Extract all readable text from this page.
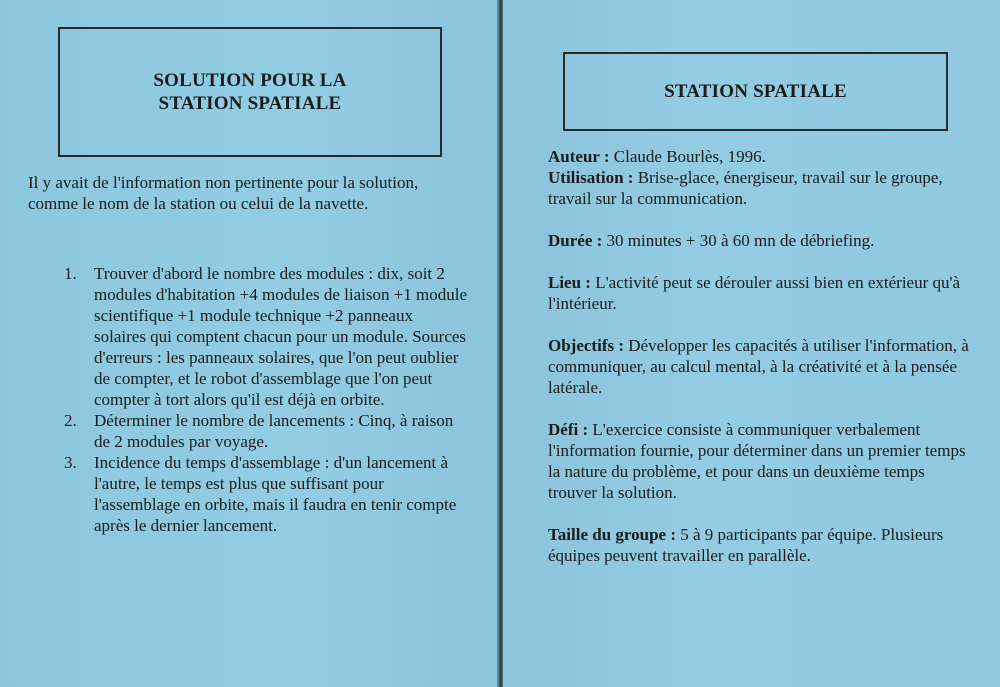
SOLUTION POUR LA
STATION SPATIALE
Il y avait de l'information non pertinente pour la solution, comme le nom de la station ou celui de la navette.
1. Trouver d'abord le nombre des modules : dix, soit 2 modules d'habitation +4 modules de liaison +1 module scientifique +1 module technique +2 panneaux solaires qui comptent chacun pour un module. Sources d'erreurs : les panneaux solaires, que l'on peut oublier de compter, et le robot d'assemblage que l'on peut compter à tort alors qu'il est déjà en orbite.
2. Déterminer le nombre de lancements : Cinq, à raison de 2 modules par voyage.
3. Incidence du temps d'assemblage : d'un lancement à l'autre, le temps est plus que suffisant pour l'assemblage en orbite, mais il faudra en tenir compte après le dernier lancement.
STATION SPATIALE
Auteur : Claude Bourlès, 1996.
Utilisation : Brise-glace, énergiseur, travail sur le groupe, travail sur la communication.
Durée : 30 minutes + 30 à 60 mn de débriefing.
Lieu : L'activité peut se dérouler aussi bien en extérieur qu'à l'intérieur.
Objectifs : Développer les capacités à utiliser l'information, à communiquer, au calcul mental, à la créativité et à la pensée latérale.
Défi : L'exercice consiste à communiquer verbalement l'information fournie, pour déterminer dans un premier temps la nature du problème, et pour dans un deuxième temps trouver la solution.
Taille du groupe : 5 à 9 participants par équipe. Plusieurs équipes peuvent travailler en parallèle.
